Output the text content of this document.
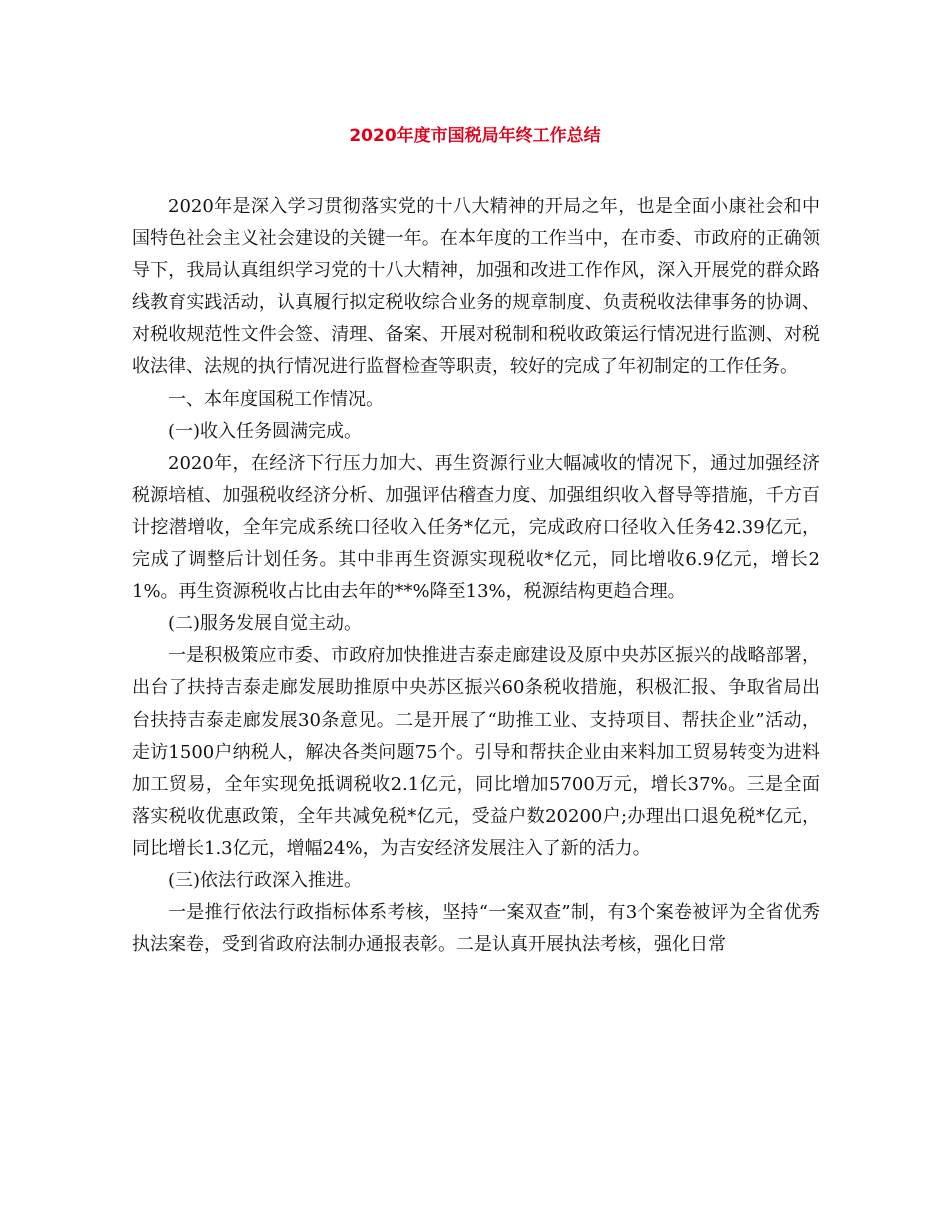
2020年度市国税局年终工作总结

2020年是深入学习贯彻落实党的十八大精神的开局之年，也是全面小康社会和中国特色社会主义社会建设的关键一年。在本年度的工作当中，在市委、市政府的正确领导下，我局认真组织学习党的十八大精神，加强和改进工作作风，深入开展党的群众路线教育实践活动，认真履行拟定税收综合业务的规章制度、负责税收法律事务的协调、对税收规范性文件会签、清理、备案、开展对税制和税收政策运行情况进行监测、对税收法律、法规的执行情况进行监督检查等职责，较好的完成了年初制定的工作任务。

一、本年度国税工作情况。

(一)收入任务圆满完成。

2020年，在经济下行压力加大、再生资源行业大幅减收的情况下，通过加强经济税源培植、加强税收经济分析、加强评估稽查力度、加强组织收入督导等措施，千方百计挖潜增收，全年完成系统口径收入任务*亿元，完成政府口径收入任务42.39亿元，完成了调整后计划任务。其中非再生资源实现税收*亿元，同比增收6.9亿元，增长21%。再生资源税收占比由去年的**%降至13%，税源结构更趋合理。

(二)服务发展自觉主动。

一是积极策应市委、市政府加快推进吉泰走廊建设及原中央苏区振兴的战略部署，出台了扶持吉泰走廊发展助推原中央苏区振兴60条税收措施，积极汇报、争取省局出台扶持吉泰走廊发展30条意见。二是开展了“助推工业、支持项目、帮扶企业”活动，走访1500户纳税人，解决各类问题75个。引导和帮扶企业由来料加工贸易转变为进料加工贸易，全年实现免抵调税收2.1亿元，同比增加5700万元，增长37%。三是全面落实税收优惠政策，全年共减免税*亿元，受益户数20200户;办理出口退免税*亿元，同比增长1.3亿元，增幅24%，为吉安经济发展注入了新的活力。

(三)依法行政深入推进。

一是推行依法行政指标体系考核，坚持“一案双查”制，有3个案卷被评为全省优秀执法案卷，受到省政府法制办通报表彰。二是认真开展执法考核，强化日常
